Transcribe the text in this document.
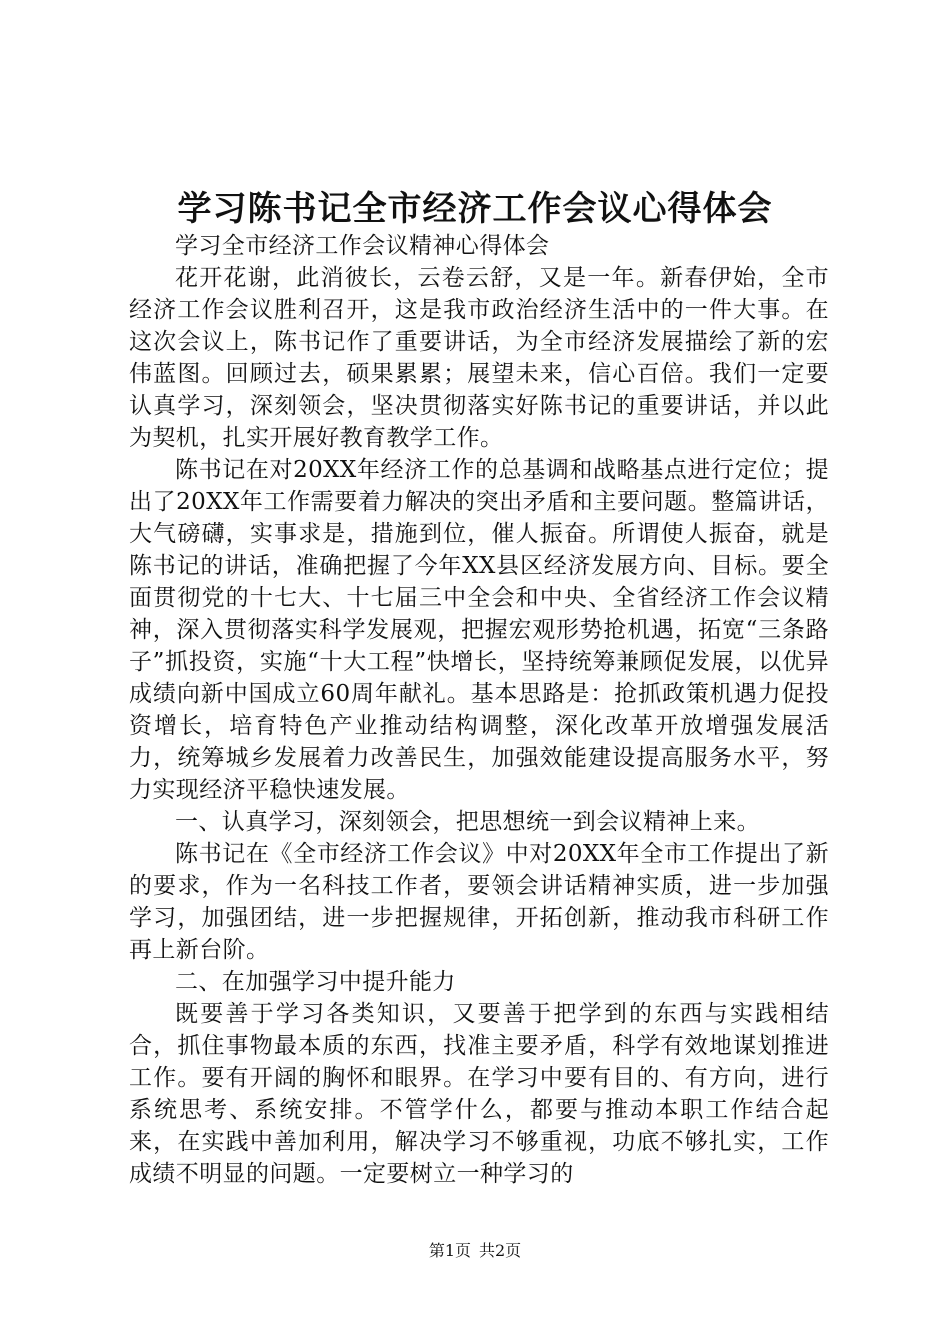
学习陈书记全市经济工作会议心得体会

学习全市经济工作会议精神心得体会

花开花谢，此消彼长，云卷云舒，又是一年。新春伊始，全市经济工作会议胜利召开，这是我市政治经济生活中的一件大事。在这次会议上，陈书记作了重要讲话，为全市经济发展描绘了新的宏伟蓝图。回顾过去，硕果累累；展望未来，信心百倍。我们一定要认真学习，深刻领会，坚决贯彻落实好陈书记的重要讲话，并以此为契机，扎实开展好教育教学工作。

陈书记在对20XX年经济工作的总基调和战略基点进行定位；提出了20XX年工作需要着力解决的突出矛盾和主要问题。整篇讲话，大气磅礴，实事求是，措施到位，催人振奋。所谓使人振奋，就是陈书记的讲话，准确把握了今年XX县区经济发展方向、目标。要全面贯彻党的十七大、十七届三中全会和中央、全省经济工作会议精神，深入贯彻落实科学发展观，把握宏观形势抢机遇，拓宽“三条路子”抓投资，实施“十大工程”快增长，坚持统筹兼顾促发展，以优异成绩向新中国成立60周年献礼。基本思路是：抢抓政策机遇力促投资增长，培育特色产业推动结构调整，深化改革开放增强发展活力，统筹城乡发展着力改善民生，加强效能建设提高服务水平，努力实现经济平稳快速发展。

一、认真学习，深刻领会，把思想统一到会议精神上来。

陈书记在《全市经济工作会议》中对20XX年全市工作提出了新的要求，作为一名科技工作者，要领会讲话精神实质，进一步加强学习，加强团结，进一步把握规律，开拓创新，推动我市科研工作再上新台阶。

二、在加强学习中提升能力

既要善于学习各类知识，又要善于把学到的东西与实践相结合，抓住事物最本质的东西，找准主要矛盾，科学有效地谋划推进工作。要有开阔的胸怀和眼界。在学习中要有目的、有方向，进行系统思考、系统安排。不管学什么，都要与推动本职工作结合起来，在实践中善加利用，解决学习不够重视，功底不够扎实，工作成绩不明显的问题。一定要树立一种学习的

第1页 共2页
